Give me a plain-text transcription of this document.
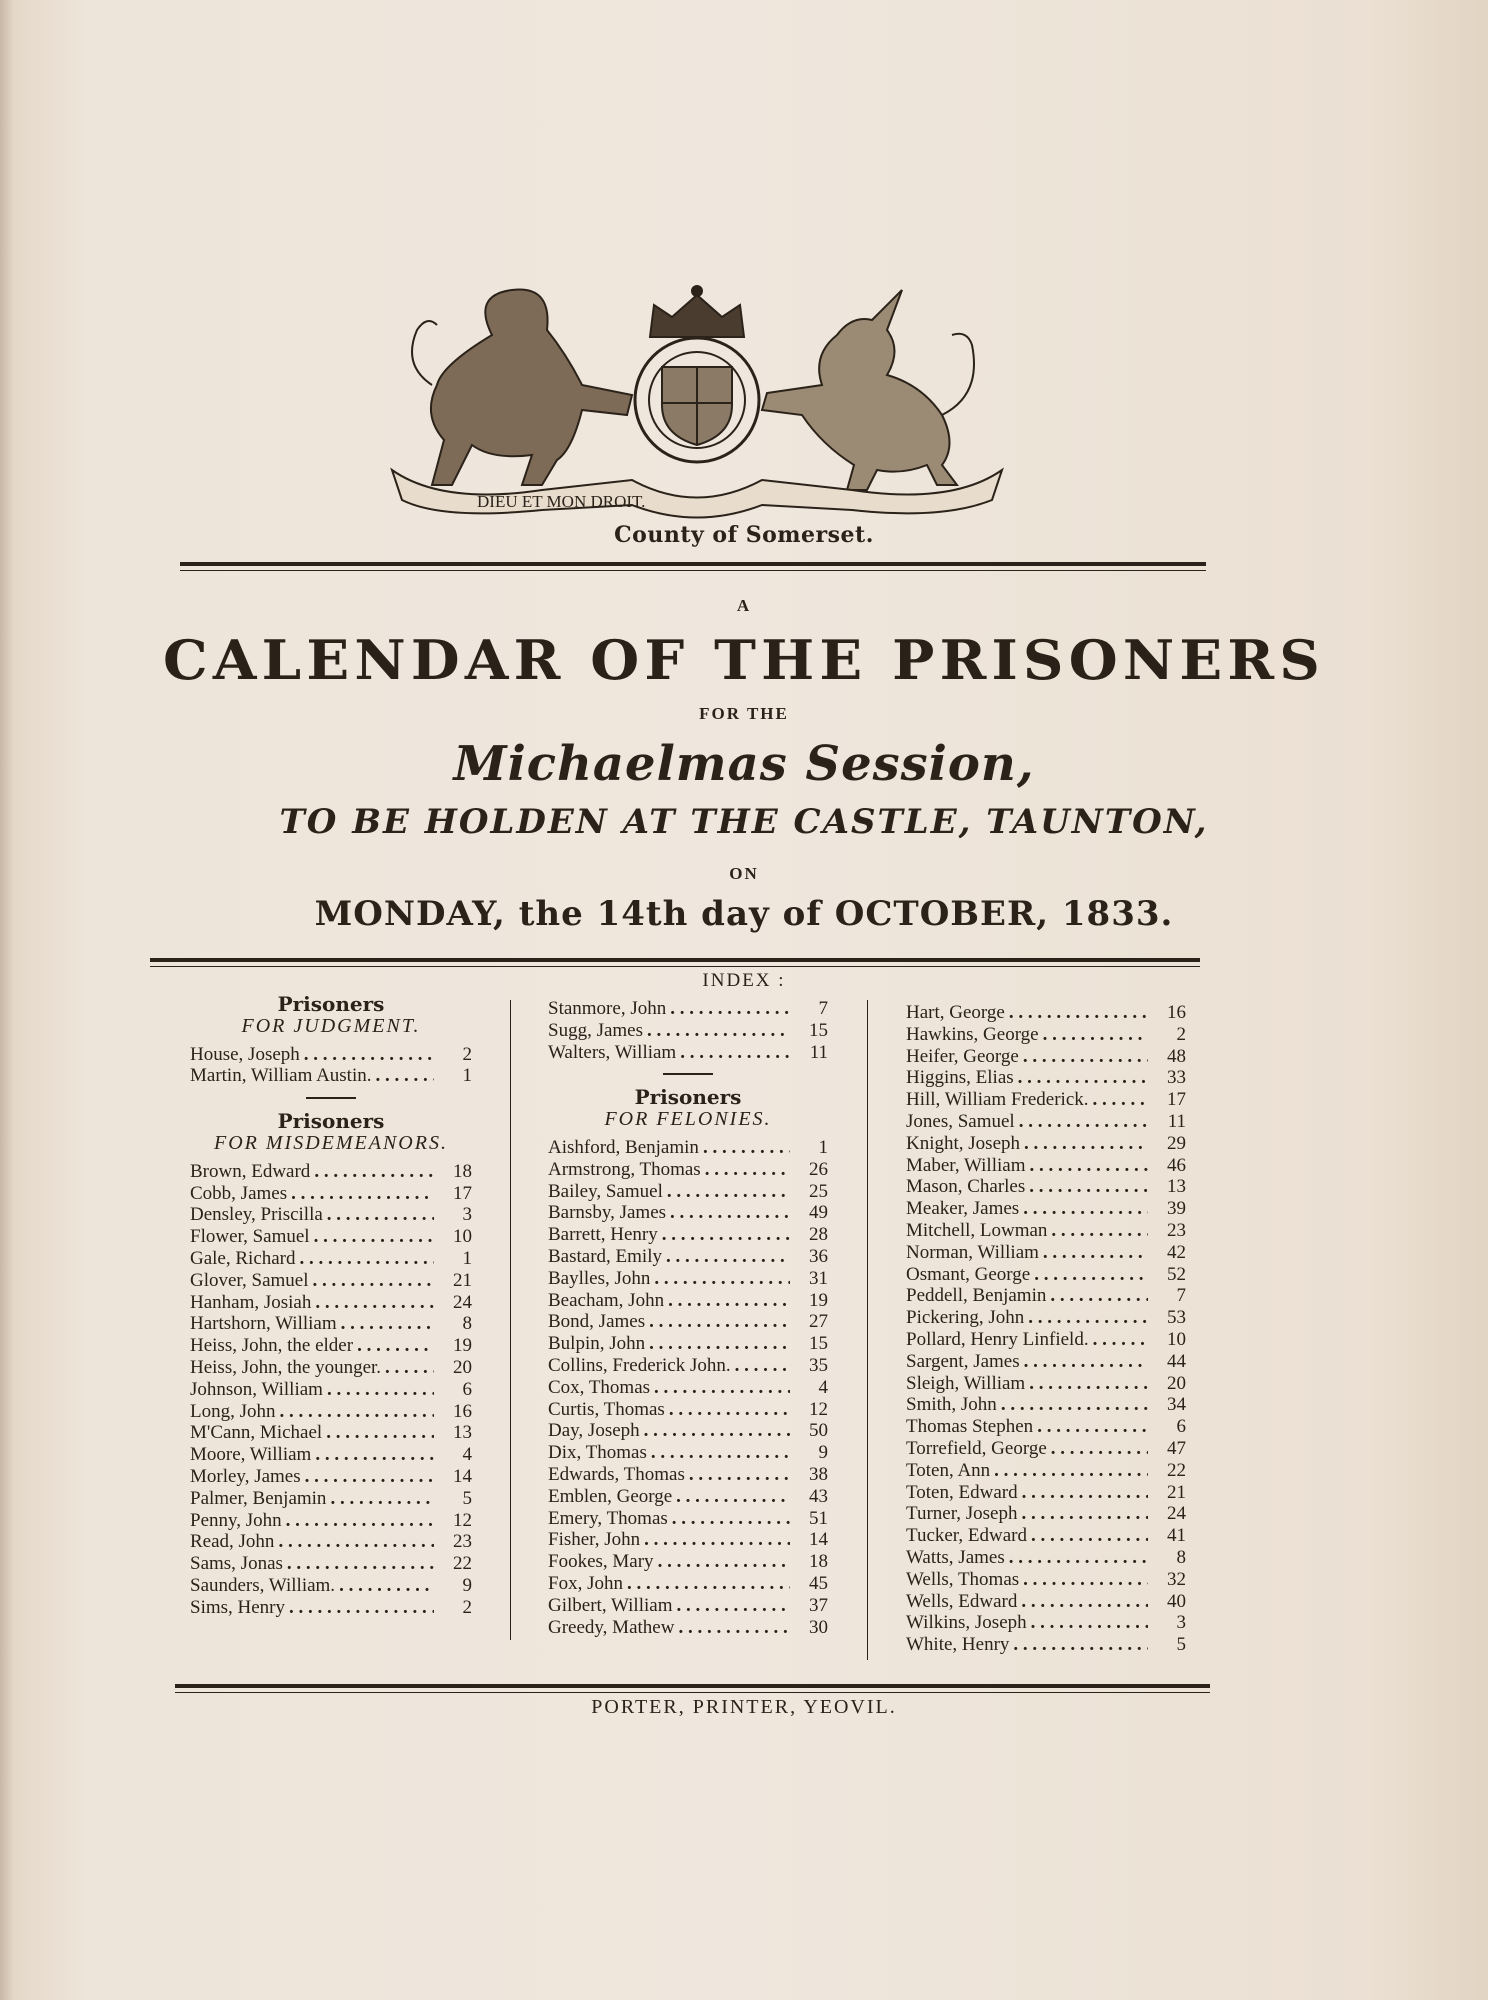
DIEU ET MON DROIT.
County of Somerset.
A
CALENDAR OF THE PRISONERS
FOR THE
Michaelmas Session,
TO BE HOLDEN AT THE CASTLE, TAUNTON,
ON
MONDAY, the 14th day of OCTOBER, 1833.
INDEX :
Prisoners
FOR JUDGMENT.
House, Joseph . . .	2
Martin, William Austin. . . .	1
Prisoners
FOR MISDEMEANORS.
Brown, Edward . . .	18
Cobb, James . . .	17
Densley, Priscilla . . .	3
Flower, Samuel . . .	10
Gale, Richard . . .	1
Glover, Samuel . . .	21
Hanham, Josiah . . .	24
Hartshorn, William . . .	8
Heiss, John, the elder . . .	19
Heiss, John, the younger. . . .	20
Johnson, William . . .	6
Long, John . . .	16
M'Cann, Michael . . .	13
Moore, William . . .	4
Morley, James . . .	14
Palmer, Benjamin . . .	5
Penny, John . . .	12
Read, John . . .	23
Sams, Jonas . . .	22
Saunders, William. . . .	9
Sims, Henry . . .	2
Stanmore, John . . .	7
Sugg, James . . .	15
Walters, William . . .	11
Prisoners
FOR FELONIES.
Aishford, Benjamin . . .	1
Armstrong, Thomas . . .	26
Bailey, Samuel . . .	25
Barnsby, James . . .	49
Barrett, Henry . . .	28
Bastard, Emily . . .	36
Baylles, John . . .	31
Beacham, John . . .	19
Bond, James . . .	27
Bulpin, John . . .	15
Collins, Frederick John. . . .	35
Cox, Thomas . . .	4
Curtis, Thomas . . .	12
Day, Joseph . . .	50
Dix, Thomas . . .	9
Edwards, Thomas . . .	38
Emblen, George . . .	43
Emery, Thomas . . .	51
Fisher, John . . .	14
Fookes, Mary . . .	18
Fox, John . . .	45
Gilbert, William . . .	37
Greedy, Mathew . . .	30
Hart, George . . .	16
Hawkins, George . . .	2
Heifer, George . . .	48
Higgins, Elias . . .	33
Hill, William Frederick. . . .	17
Jones, Samuel . . .	11
Knight, Joseph . . .	29
Maber, William . . .	46
Mason, Charles . . .	13
Meaker, James . . .	39
Mitchell, Lowman . . .	23
Norman, William . . .	42
Osmant, George . . .	52
Peddell, Benjamin . . .	7
Pickering, John . . .	53
Pollard, Henry Linfield. . . .	10
Sargent, James . . .	44
Sleigh, William . . .	20
Smith, John . . .	34
Thomas Stephen . . .	6
Torrefield, George . . .	47
Toten, Ann . . .	22
Toten, Edward . . .	21
Turner, Joseph . . .	24
Tucker, Edward . . .	41
Watts, James . . .	8
Wells, Thomas . . .	32
Wells, Edward . . .	40
Wilkins, Joseph . . .	3
White, Henry . . .	5
PORTER, PRINTER, YEOVIL.
